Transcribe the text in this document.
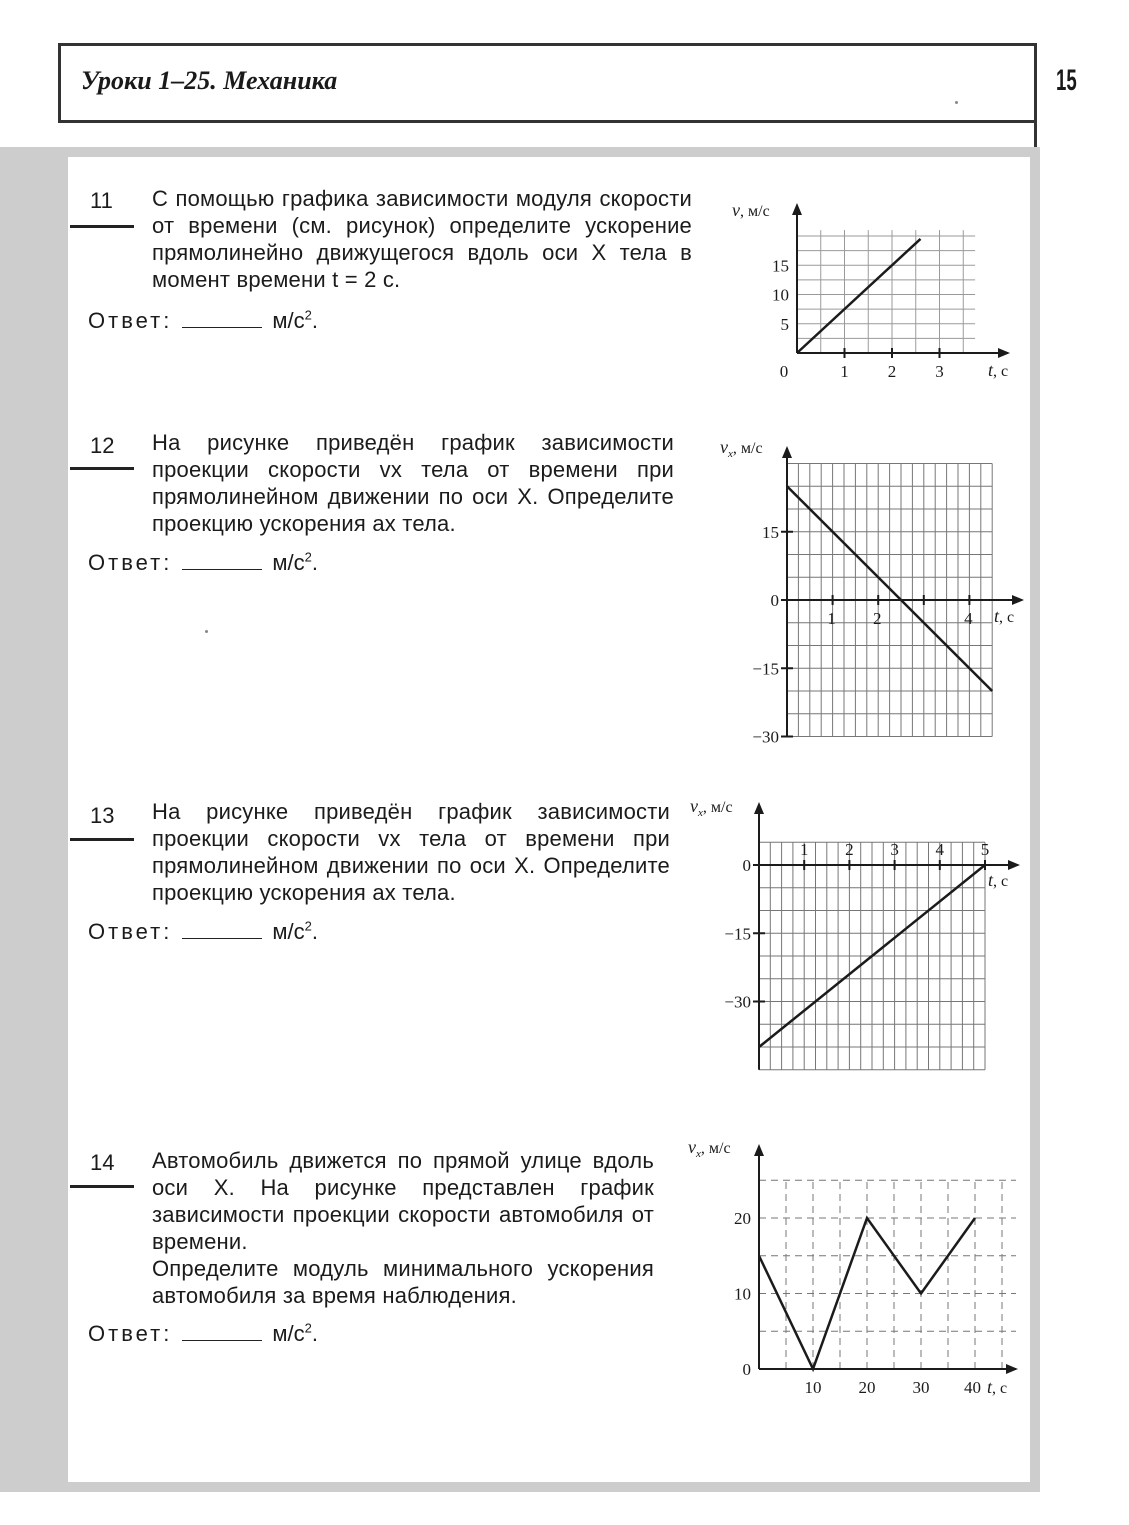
Уроки 1–25. Механика	15
11 С помощью графика зависимости модуля скорости от времени (см. рисунок) определите ускорение прямолинейно движущегося вдоль оси X тела в момент времени t = 2 с.
Ответ:	$м/с^2$.
12 На рисунке приведён график зависимости проекции скорости vx тела от времени при прямолинейном движении по оси X. Определите проекцию ускорения ax тела.
Ответ:	$м/с^2$.
13 На рисунке приведён график зависимости проекции скорости vx тела от времени при прямолинейном движении по оси X. Определите проекцию ускорения ax тела.
Ответ:	$м/с^2$.
14 Автомобиль движется по прямой улице вдоль оси X. На рисунке представлен график зависимости проекции скорости автомобиля от времени.
Определите модуль минимального ускорения автомобиля за время наблюдения.
Ответ:	$м/с^2$.
1 2 3
5
10
15
0
v, м/с
t, с
1 2	4
15
0
−15
−30
$v_x$, м/с
t, с
1 2 3 4 5
0
−15
−30
$v_x$, м/с
t, с
10 20 30 40
0
10
20
$v_x$, м/с
t, с
